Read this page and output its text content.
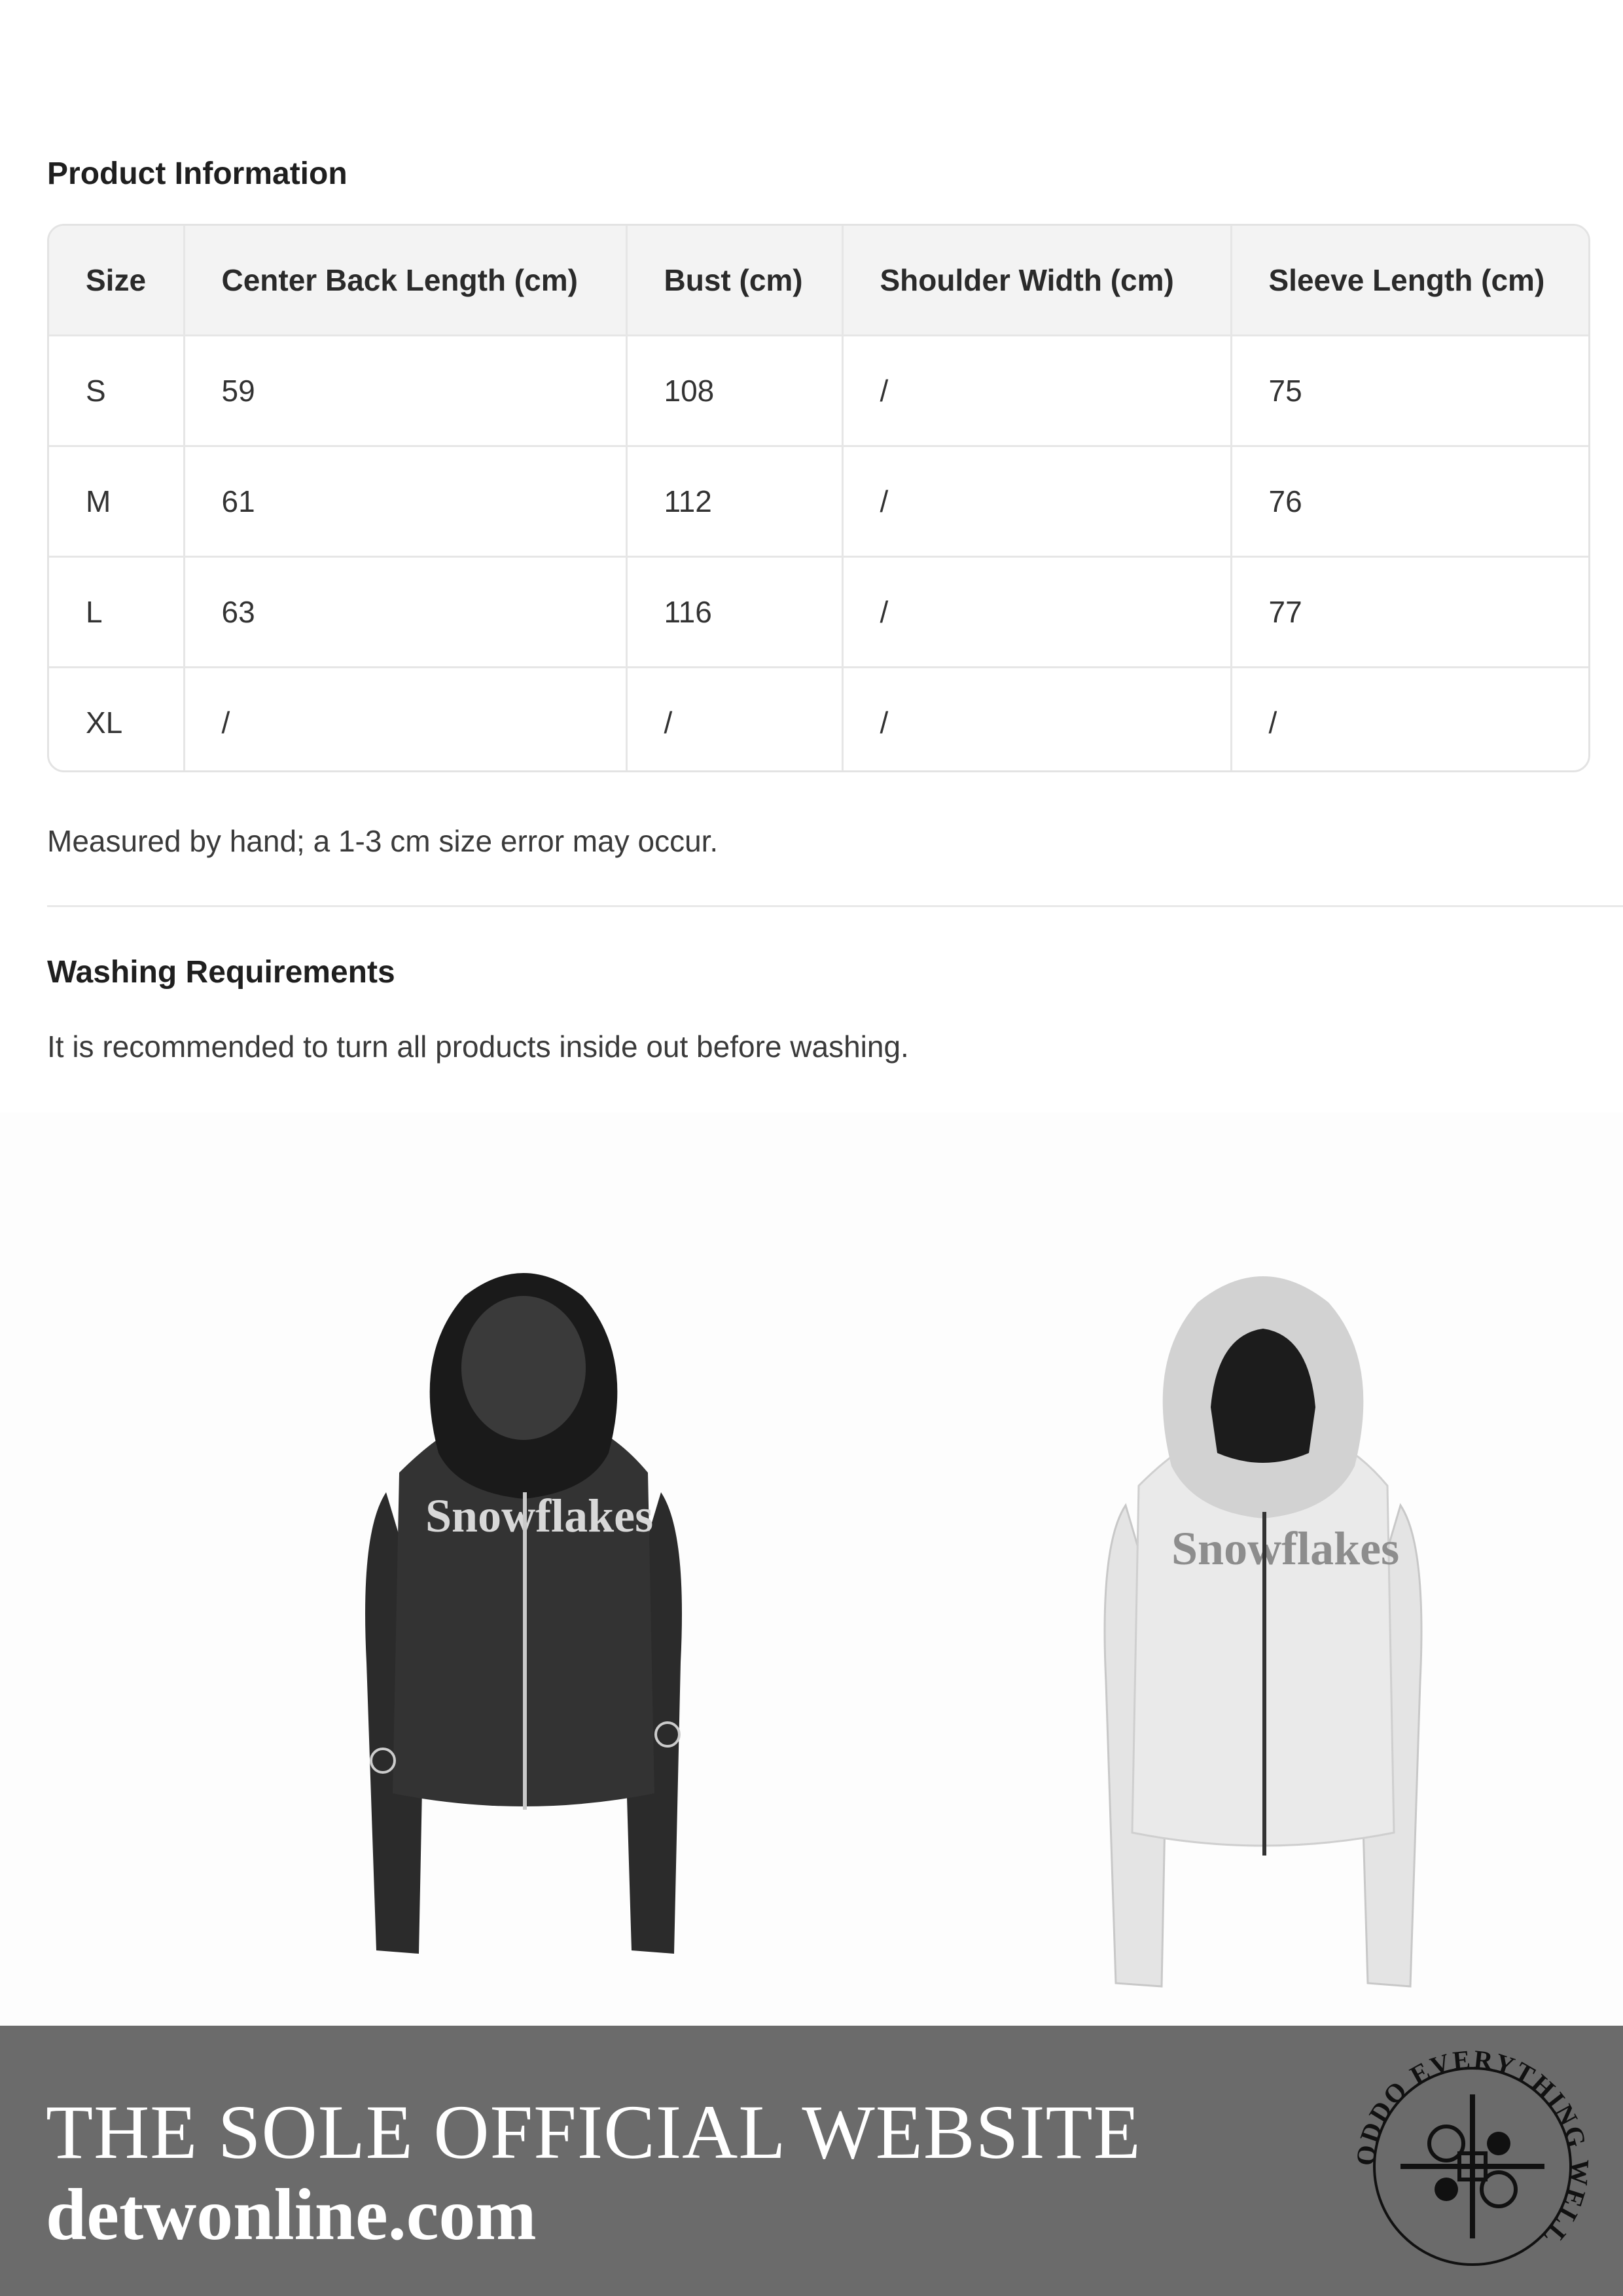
Product Information
Size	Center Back Length (cm)	Bust (cm)	Shoulder Width (cm)	Sleeve Length (cm)
S	59	108	/	75
M	61	112	/	76
L	63	116	/	77
XL	/	/	/	/

Measured by hand; a 1-3 cm size error may occur.

Washing Requirements

It is recommended to turn all products inside out before washing.

Snowflakes
Snowflakes

THE SOLE OFFICIAL WEBSITE

detwonline.com

ODDO EVERYTHING WELL
